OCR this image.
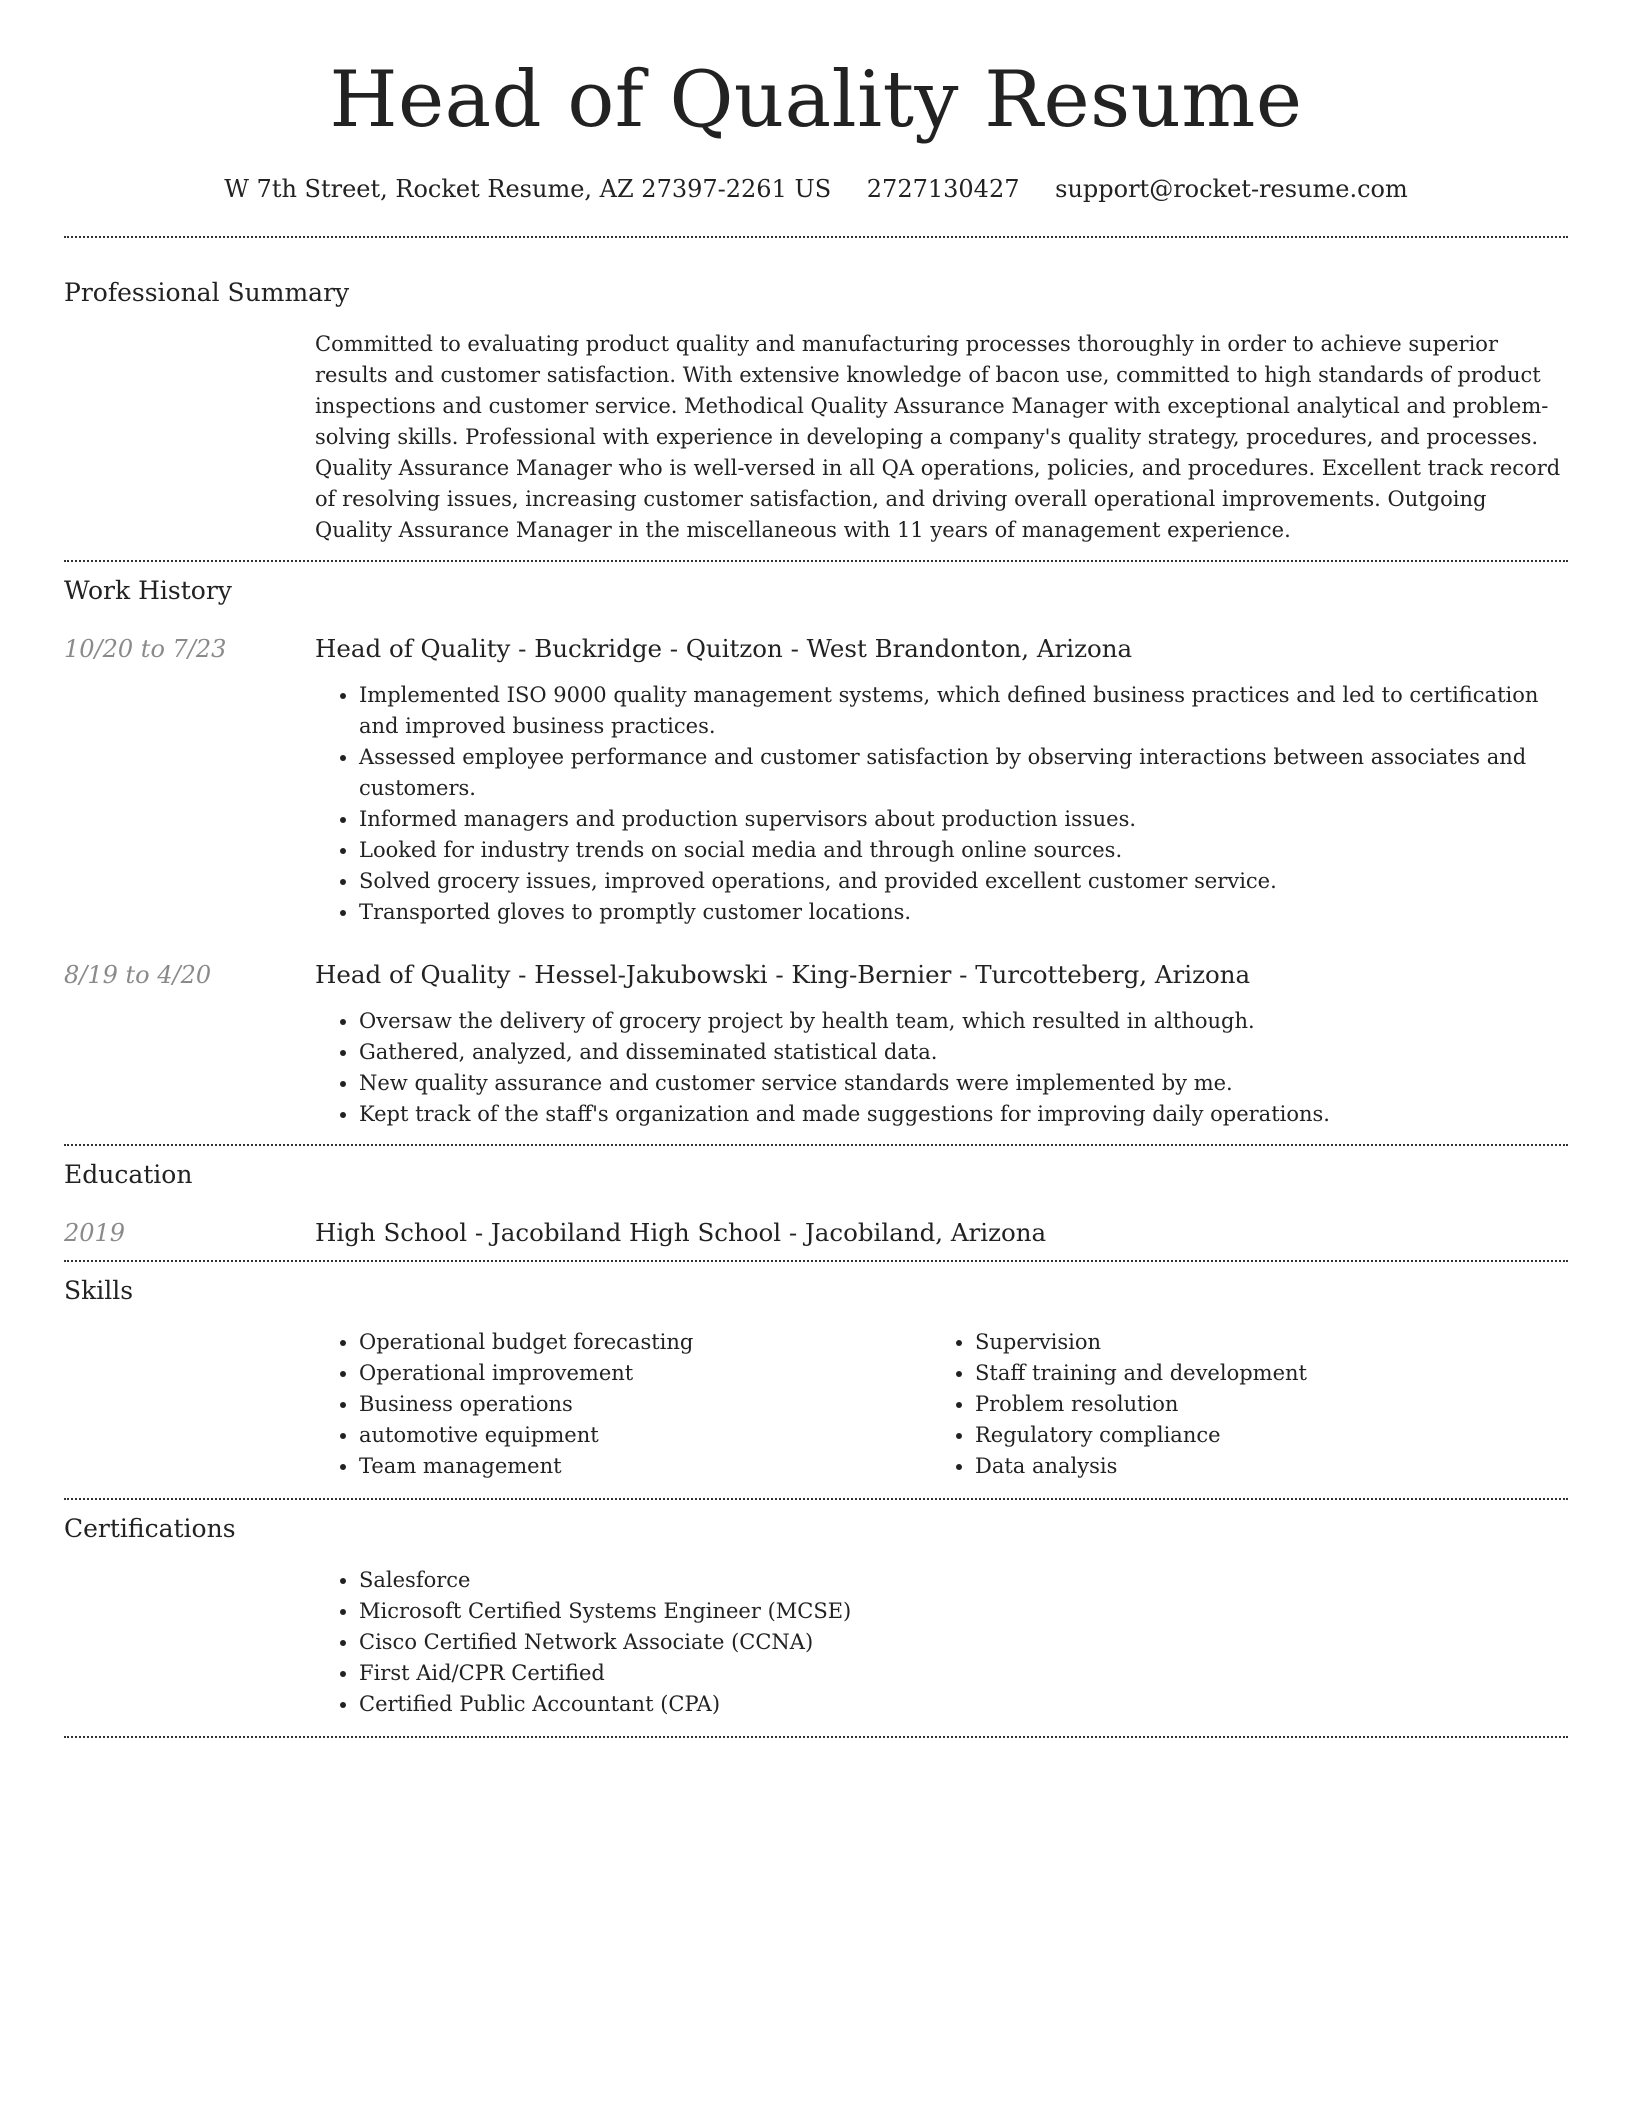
Head of Quality Resume
W 7th Street, Rocket Resume, AZ 27397-2261 US 2727130427 support@rocket-resume.com
Professional Summary
Committed to evaluating product quality and manufacturing processes thoroughly in order to achieve superior results and customer satisfaction. With extensive knowledge of bacon use, committed to high standards of product inspections and customer service. Methodical Quality Assurance Manager with exceptional analytical and problem-solving skills. Professional with experience in developing a company's quality strategy, procedures, and processes. Quality Assurance Manager who is well-versed in all QA operations, policies, and procedures. Excellent track record of resolving issues, increasing customer satisfaction, and driving overall operational improvements. Outgoing Quality Assurance Manager in the miscellaneous with 11 years of management experience.
Work History
10/20 to 7/23	Head of Quality - Buckridge - Quitzon - West Brandonton, Arizona
• Implemented ISO 9000 quality management systems, which defined business practices and led to certification and improved business practices.
• Assessed employee performance and customer satisfaction by observing interactions between associates and customers.
• Informed managers and production supervisors about production issues.
• Looked for industry trends on social media and through online sources.
• Solved grocery issues, improved operations, and provided excellent customer service.
• Transported gloves to promptly customer locations.
8/19 to 4/20	Head of Quality - Hessel-Jakubowski - King-Bernier - Turcotteberg, Arizona
• Oversaw the delivery of grocery project by health team, which resulted in although.
• Gathered, analyzed, and disseminated statistical data.
• New quality assurance and customer service standards were implemented by me.
• Kept track of the staff's organization and made suggestions for improving daily operations.
Education
2019	High School - Jacobiland High School - Jacobiland, Arizona
Skills
• Operational budget forecasting
• Operational improvement
• Business operations
• automotive equipment
• Team management
• Supervision
• Staff training and development
• Problem resolution
• Regulatory compliance
• Data analysis
Certifications
• Salesforce
• Microsoft Certified Systems Engineer (MCSE)
• Cisco Certified Network Associate (CCNA)
• First Aid/CPR Certified
• Certified Public Accountant (CPA)
